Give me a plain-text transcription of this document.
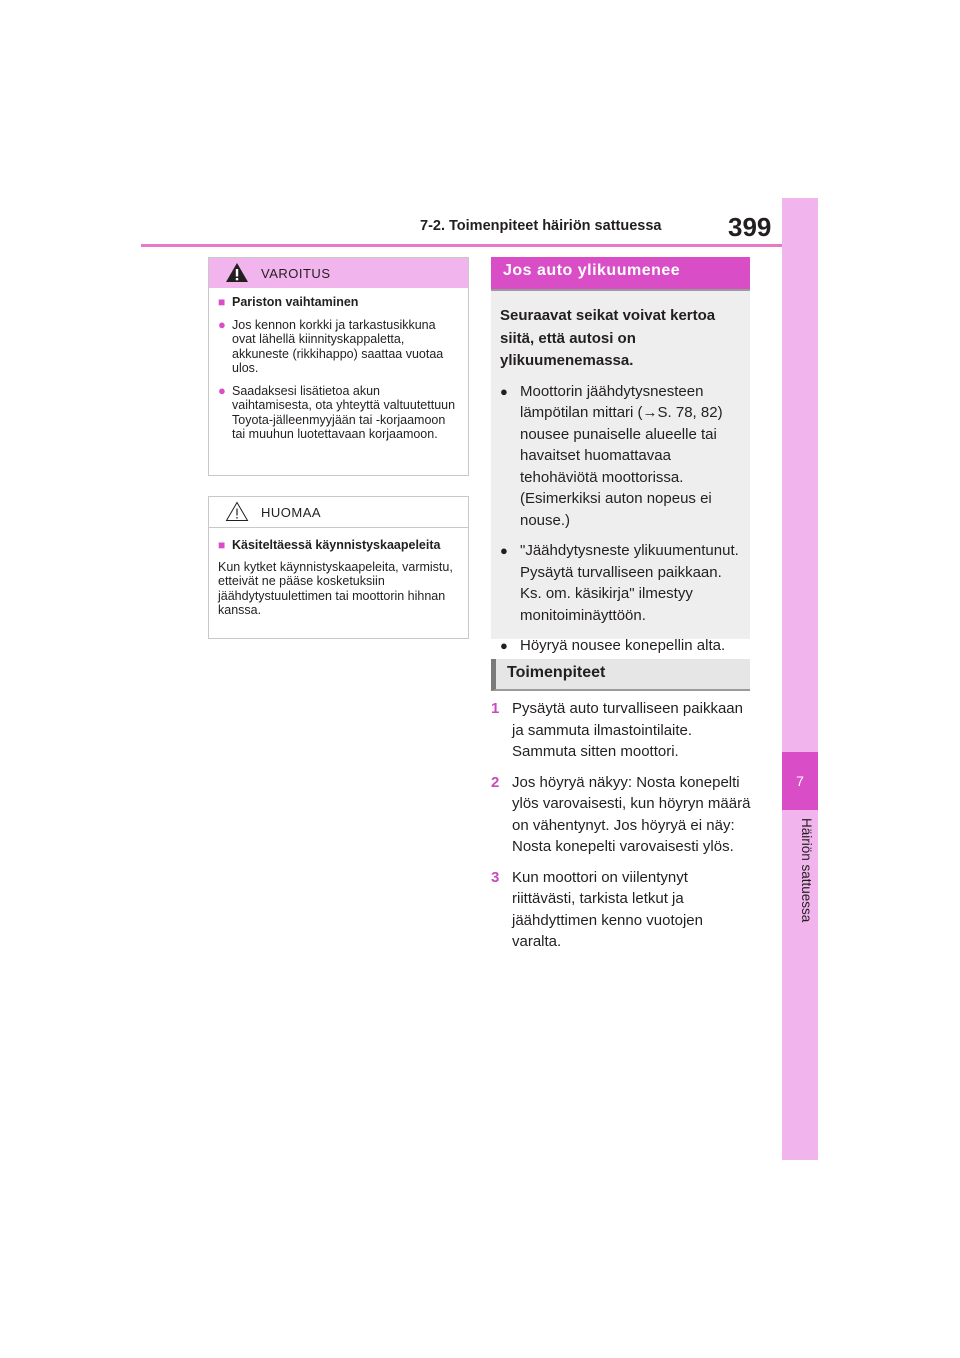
7-2. Toimenpiteet häiriön sattuessa	399
7
Häiriön sattuessa
VAROITUS
■ Pariston vaihtaminen
● Jos kennon korkki ja tarkastusikkuna ovat lähellä kiinnityskappaletta, akkuneste (rikkihappo) saattaa vuotaa ulos.
● Saadaksesi lisätietoa akun vaihtamisesta, ota yhteyttä valtuutettuun Toyota-jälleenmyyjään tai -korjaamoon tai muuhun luotettavaan korjaamoon.
HUOMAA
■ Käsiteltäessä käynnistyskaapeleita
Kun kytket käynnistyskaapeleita, varmistu, etteivät ne pääse kosketuksiin jäähdytystuulettimen tai moottorin hihnan kanssa.
Jos auto ylikuumenee
Seuraavat seikat voivat kertoa siitä, että autosi on ylikuumenemassa.
● Moottorin jäähdytysnesteen lämpötilan mittari (→S. 78, 82) nousee punaiselle alueelle tai havaitset huomattavaa tehohäviötä moottorissa. (Esimerkiksi auton nopeus ei nouse.)
● "Jäähdytysneste ylikuumentunut. Pysäytä turvalliseen paikkaan. Ks. om. käsikirja" ilmestyy monitoiminäyttöön.
● Höyryä nousee konepellin alta.
Toimenpiteet
1 Pysäytä auto turvalliseen paikkaan ja sammuta ilmastointilaite. Sammuta sitten moottori.
2 Jos höyryä näkyy: Nosta konepelti ylös varovaisesti, kun höyryn määrä on vähentynyt. Jos höyryä ei näy: Nosta konepelti varovaisesti ylös.
3 Kun moottori on viilentynyt riittävästi, tarkista letkut ja jäähdyttimen kenno vuotojen varalta.
